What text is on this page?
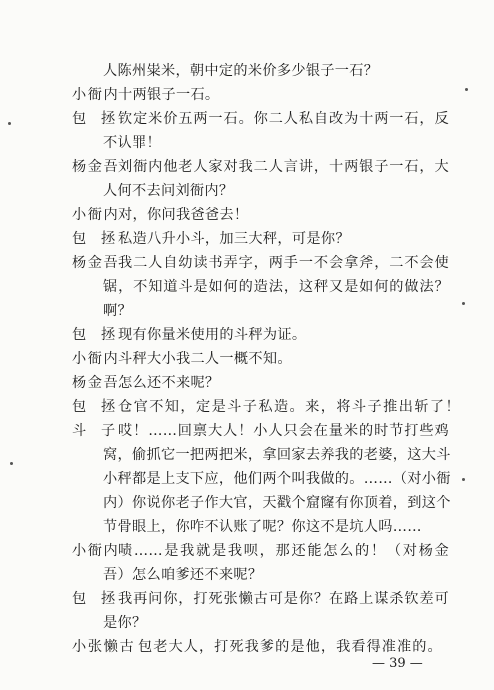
人陈州粜米，朝中定的米价多少银子一石？
小衙内 十两银子一石。
包　拯 钦定米价五两一石。你二人私自改为十两一石，反
不认罪！
杨金吾 刘衙内他老人家对我二人言讲，十两银子一石，大
人何不去问刘衙内？
小衙内 对，你问我爸爸去！
包　拯 私造八升小斗，加三大秤，可是你？
杨金吾 我二人自幼读书弄字，两手一不会拿斧，二不会使
锯，不知道斗是如何的造法，这秤又是如何的做法？
啊？
包　拯 现有你量米使用的斗秤为证。
小衙内 斗秤大小我二人一概不知。
杨金吾 怎么还不来呢？
包　拯 仓官不知，定是斗子私造。来，将斗子推出斩了！
斗　子 哎！……回禀大人！小人只会在量米的时节打些鸡
窝，偷抓它一把两把米，拿回家去养我的老婆，这大斗
小秤都是上支下应，他们两个叫我做的。……（对小衙
内）你说你老子作大官，天戳个窟窿有你顶着，到这个
节骨眼上，你咋不认账了呢？你这不是坑人吗……
小衙内 啧……是我就是我呗，那还能怎么的！（对杨金
吾）怎么咱爹还不来呢？
包　拯 我再问你，打死张懒古可是你？在路上谋杀钦差可
是你？
小张懒古 包老大人，打死我爹的是他，我看得准准的。
— 39 —
